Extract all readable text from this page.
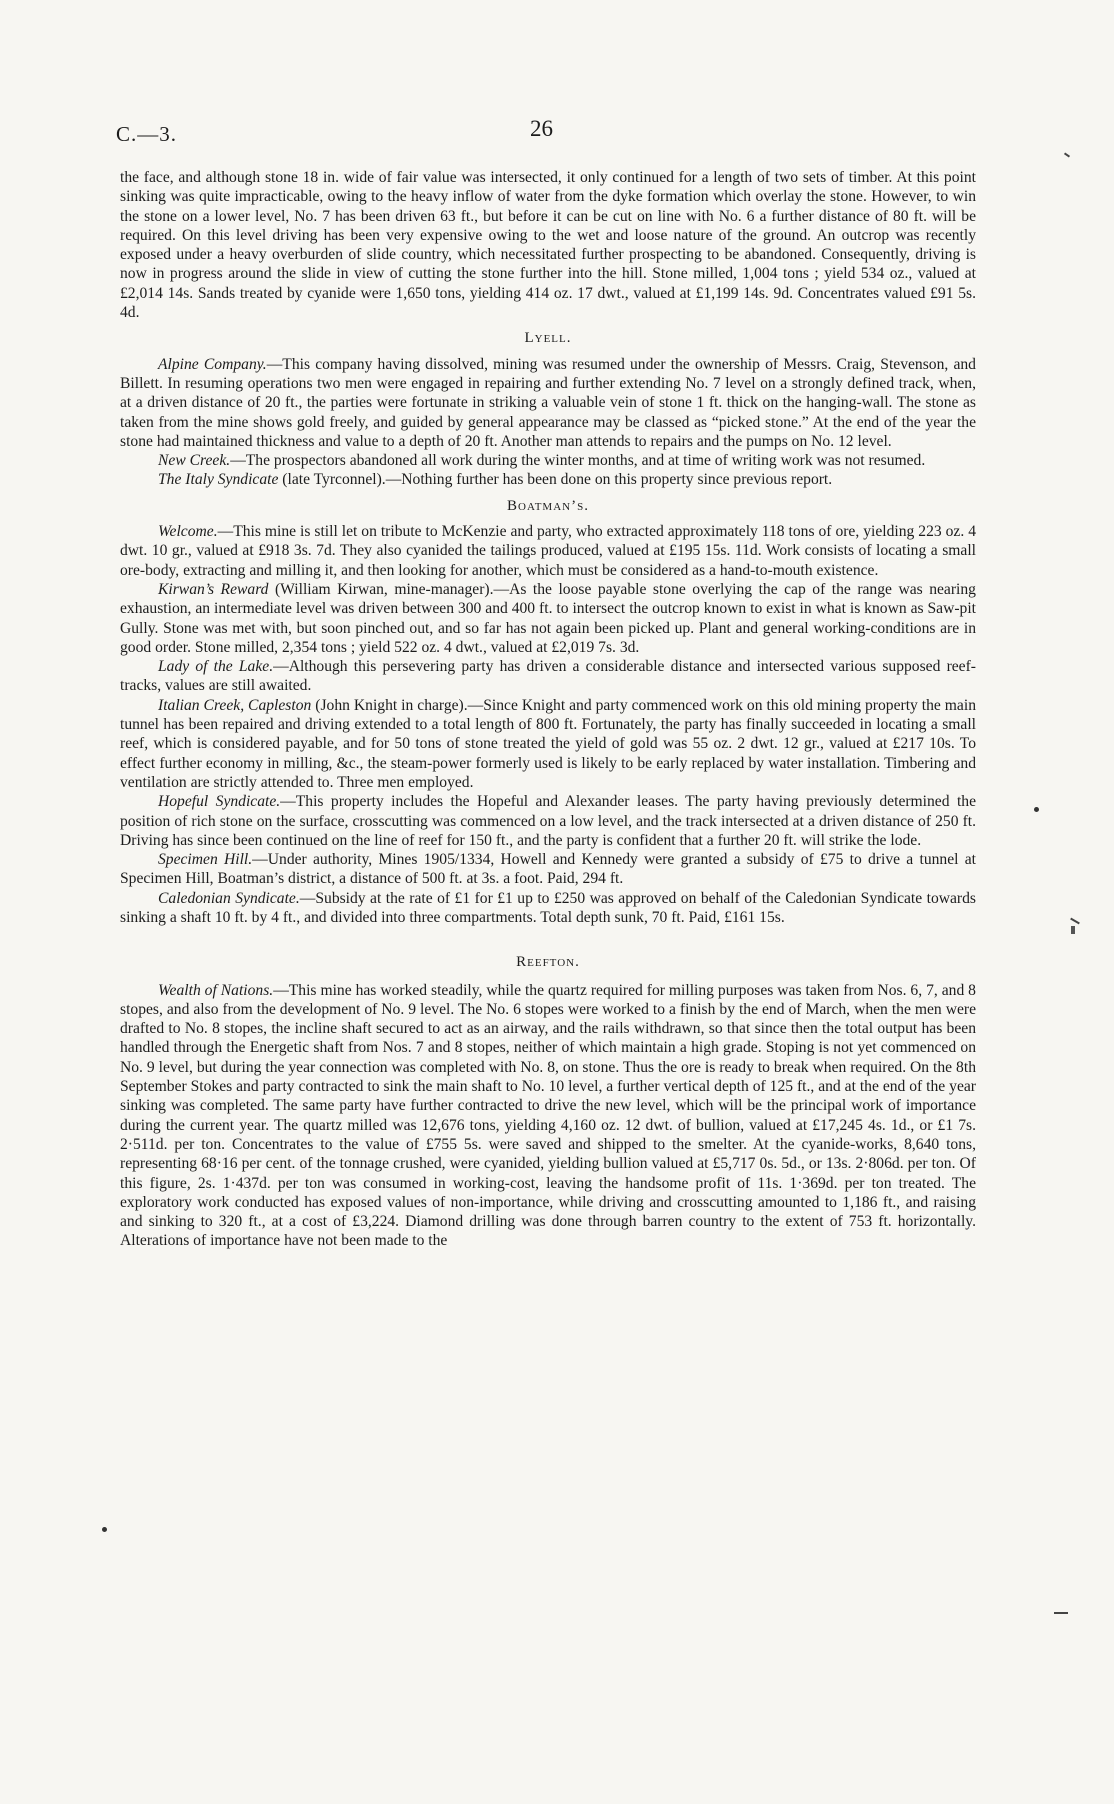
C.—3.	26

the face, and although stone 18 in. wide of fair value was intersected, it only continued for a length of two sets of timber. At this point sinking was quite impracticable, owing to the heavy inflow of water from the dyke formation which overlay the stone. However, to win the stone on a lower level, No. 7 has been driven 63 ft., but before it can be cut on line with No. 6 a further distance of 80 ft. will be required. On this level driving has been very expensive owing to the wet and loose nature of the ground. An outcrop was recently exposed under a heavy overburden of slide country, which necessitated further prospecting to be abandoned. Consequently, driving is now in progress around the slide in view of cutting the stone further into the hill. Stone milled, 1,004 tons ; yield 534 oz., valued at £2,014 14s. Sands treated by cyanide were 1,650 tons, yielding 414 oz. 17 dwt., valued at £1,199 14s. 9d. Concentrates valued £91 5s. 4d.

Lyell.

Alpine Company.—This company having dissolved, mining was resumed under the ownership of Messrs. Craig, Stevenson, and Billett. In resuming operations two men were engaged in repairing and further extending No. 7 level on a strongly defined track, when, at a driven distance of 20 ft., the parties were fortunate in striking a valuable vein of stone 1 ft. thick on the hanging-wall. The stone as taken from the mine shows gold freely, and guided by general appearance may be classed as “picked stone.” At the end of the year the stone had maintained thickness and value to a depth of 20 ft. Another man attends to repairs and the pumps on No. 12 level.

New Creek.—The prospectors abandoned all work during the winter months, and at time of writing work was not resumed.

The Italy Syndicate (late Tyrconnel).—Nothing further has been done on this property since previous report.

Boatman’s.

Welcome.—This mine is still let on tribute to McKenzie and party, who extracted approximately 118 tons of ore, yielding 223 oz. 4 dwt. 10 gr., valued at £918 3s. 7d. They also cyanided the tailings produced, valued at £195 15s. 11d. Work consists of locating a small ore-body, extracting and milling it, and then looking for another, which must be considered as a hand-to-mouth existence.

Kirwan’s Reward (William Kirwan, mine-manager).—As the loose payable stone overlying the cap of the range was nearing exhaustion, an intermediate level was driven between 300 and 400 ft. to intersect the outcrop known to exist in what is known as Saw-pit Gully. Stone was met with, but soon pinched out, and so far has not again been picked up. Plant and general working-conditions are in good order. Stone milled, 2,354 tons ; yield 522 oz. 4 dwt., valued at £2,019 7s. 3d.

Lady of the Lake.—Although this persevering party has driven a considerable distance and intersected various supposed reef-tracks, values are still awaited.

Italian Creek, Capleston (John Knight in charge).—Since Knight and party commenced work on this old mining property the main tunnel has been repaired and driving extended to a total length of 800 ft. Fortunately, the party has finally succeeded in locating a small reef, which is considered payable, and for 50 tons of stone treated the yield of gold was 55 oz. 2 dwt. 12 gr., valued at £217 10s. To effect further economy in milling, &c., the steam-power formerly used is likely to be early replaced by water installation. Timbering and ventilation are strictly attended to. Three men employed.

Hopeful Syndicate.—This property includes the Hopeful and Alexander leases. The party having previously determined the position of rich stone on the surface, crosscutting was commenced on a low level, and the track intersected at a driven distance of 250 ft. Driving has since been continued on the line of reef for 150 ft., and the party is confident that a further 20 ft. will strike the lode.

Specimen Hill.—Under authority, Mines 1905/1334, Howell and Kennedy were granted a subsidy of £75 to drive a tunnel at Specimen Hill, Boatman’s district, a distance of 500 ft. at 3s. a foot. Paid, 294 ft.

Caledonian Syndicate.—Subsidy at the rate of £1 for £1 up to £250 was approved on behalf of the Caledonian Syndicate towards sinking a shaft 10 ft. by 4 ft., and divided into three compartments. Total depth sunk, 70 ft. Paid, £161 15s.

Reefton.

Wealth of Nations.—This mine has worked steadily, while the quartz required for milling purposes was taken from Nos. 6, 7, and 8 stopes, and also from the development of No. 9 level. The No. 6 stopes were worked to a finish by the end of March, when the men were drafted to No. 8 stopes, the incline shaft secured to act as an airway, and the rails withdrawn, so that since then the total output has been handled through the Energetic shaft from Nos. 7 and 8 stopes, neither of which maintain a high grade. Stoping is not yet commenced on No. 9 level, but during the year connection was completed with No. 8, on stone. Thus the ore is ready to break when required. On the 8th September Stokes and party contracted to sink the main shaft to No. 10 level, a further vertical depth of 125 ft., and at the end of the year sinking was completed. The same party have further contracted to drive the new level, which will be the principal work of importance during the current year. The quartz milled was 12,676 tons, yielding 4,160 oz. 12 dwt. of bullion, valued at £17,245 4s. 1d., or £1 7s. 2·511d. per ton. Concentrates to the value of £755 5s. were saved and shipped to the smelter. At the cyanide-works, 8,640 tons, representing 68·16 per cent. of the tonnage crushed, were cyanided, yielding bullion valued at £5,717 0s. 5d., or 13s. 2·806d. per ton. Of this figure, 2s. 1·437d. per ton was consumed in working-cost, leaving the handsome profit of 11s. 1·369d. per ton treated. The exploratory work conducted has exposed values of non-importance, while driving and crosscutting amounted to 1,186 ft., and raising and sinking to 320 ft., at a cost of £3,224. Diamond drilling was done through barren country to the extent of 753 ft. horizontally. Alterations of importance have not been made to the
